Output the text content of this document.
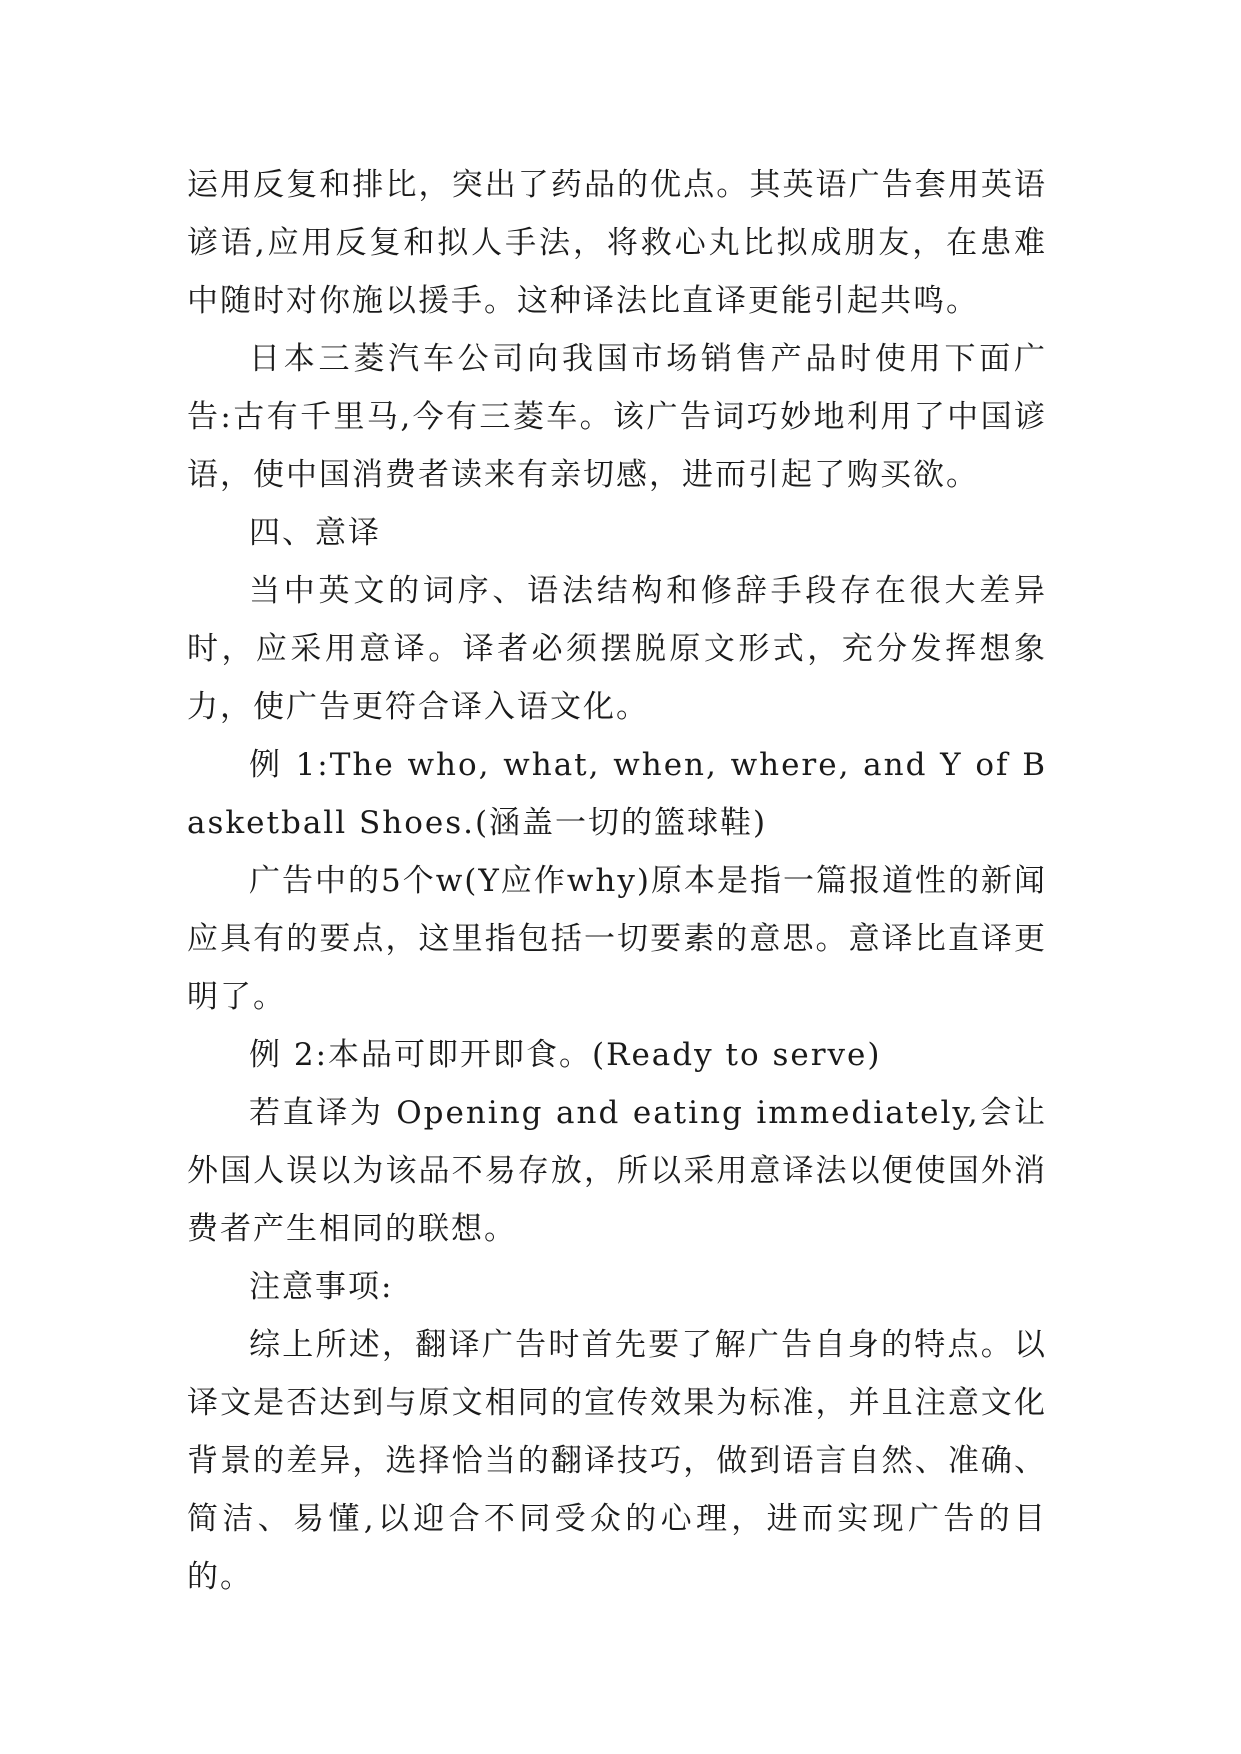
运用反复和排比，突出了药品的优点。其英语广告套用英语谚语,应用反复和拟人手法，将救心丸比拟成朋友，在患难中随时对你施以援手。这种译法比直译更能引起共鸣。

日本三菱汽车公司向我国市场销售产品时使用下面广告:古有千里马,今有三菱车。该广告词巧妙地利用了中国谚语，使中国消费者读来有亲切感，进而引起了购买欲。

四、意译

当中英文的词序、语法结构和修辞手段存在很大差异时，应采用意译。译者必须摆脱原文形式，充分发挥想象力，使广告更符合译入语文化。

例 1:The who, what, when, where, and Y of Basketball Shoes.(涵盖一切的篮球鞋)

广告中的5个w(Y应作why)原本是指一篇报道性的新闻应具有的要点，这里指包括一切要素的意思。意译比直译更明了。

例 2:本品可即开即食。(Ready to serve)

若直译为 Opening and eating immediately,会让外国人误以为该品不易存放，所以采用意译法以便使国外消费者产生相同的联想。

注意事项:

综上所述，翻译广告时首先要了解广告自身的特点。以译文是否达到与原文相同的宣传效果为标准，并且注意文化背景的差异，选择恰当的翻译技巧，做到语言自然、准确、简洁、易懂,以迎合不同受众的心理，进而实现广告的目的。
